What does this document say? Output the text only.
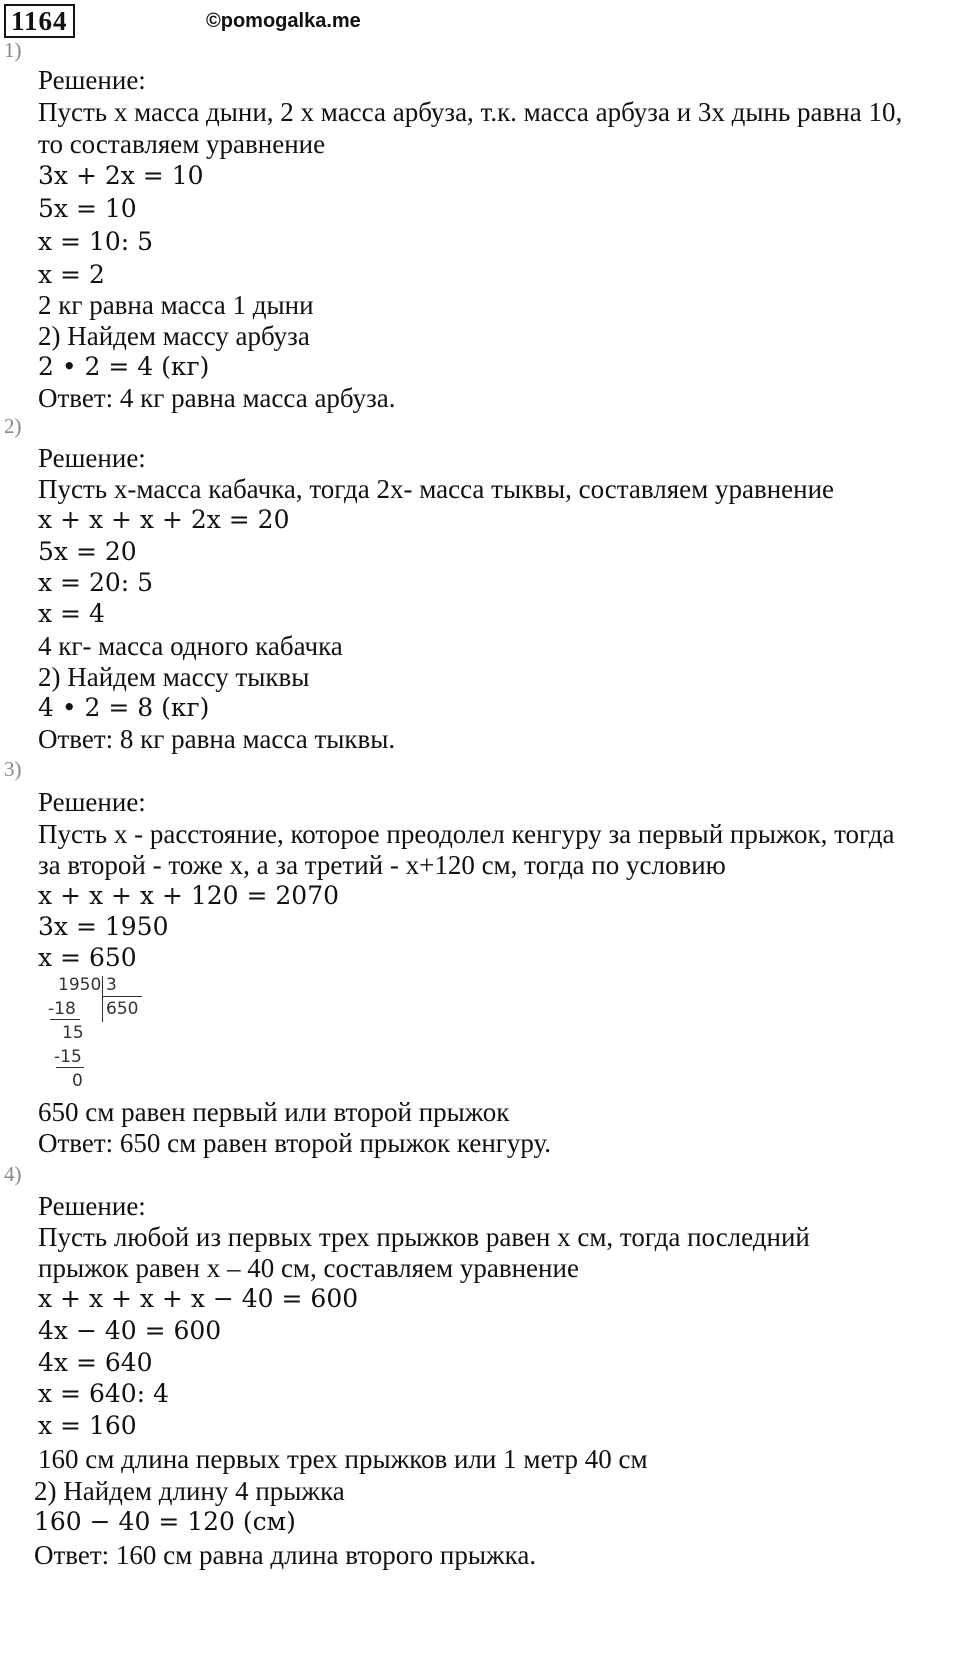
1164	©pomogalka.me
1)
Решение:
Пусть х масса дыни, 2 х масса арбуза, т.к. масса арбуза и 3х дынь равна 10,
то составляем уравнение
3x + 2x = 10
5x = 10
x = 10: 5
x = 2
2 кг равна масса 1 дыни
2) Найдем массу арбуза
2 • 2 = 4 (кг)
Ответ: 4 кг равна масса арбуза.
2)
Решение:
Пусть х-масса кабачка, тогда 2х- масса тыквы, составляем уравнение
x + x + x + 2x = 20
5x = 20
x = 20: 5
x = 4
4 кг- масса одного кабачка
2) Найдем массу тыквы
4 • 2 = 8 (кг)
Ответ: 8 кг равна масса тыквы.
3)
Решение:
Пусть х - расстояние, которое преодолел кенгуру за первый прыжок, тогда
за второй - тоже х, а за третий - х+120 см, тогда по условию
x + x + x + 120 = 2070
3x = 1950
x = 650
1950 3
650
-18
15
-15
0
650 см равен первый или второй прыжок
Ответ: 650 см равен второй прыжок кенгуру.
4)
Решение:
Пусть любой из первых трех прыжков равен х см, тогда последний
прыжок равен х – 40 см, составляем уравнение
x + x + x + x − 40 = 600
4x − 40 = 600
4x = 640
x = 640: 4
x = 160
160 см длина первых трех прыжков или 1 метр 40 см
2) Найдем длину 4 прыжка
160 − 40 = 120 (см)
Ответ: 160 см равна длина второго прыжка.
